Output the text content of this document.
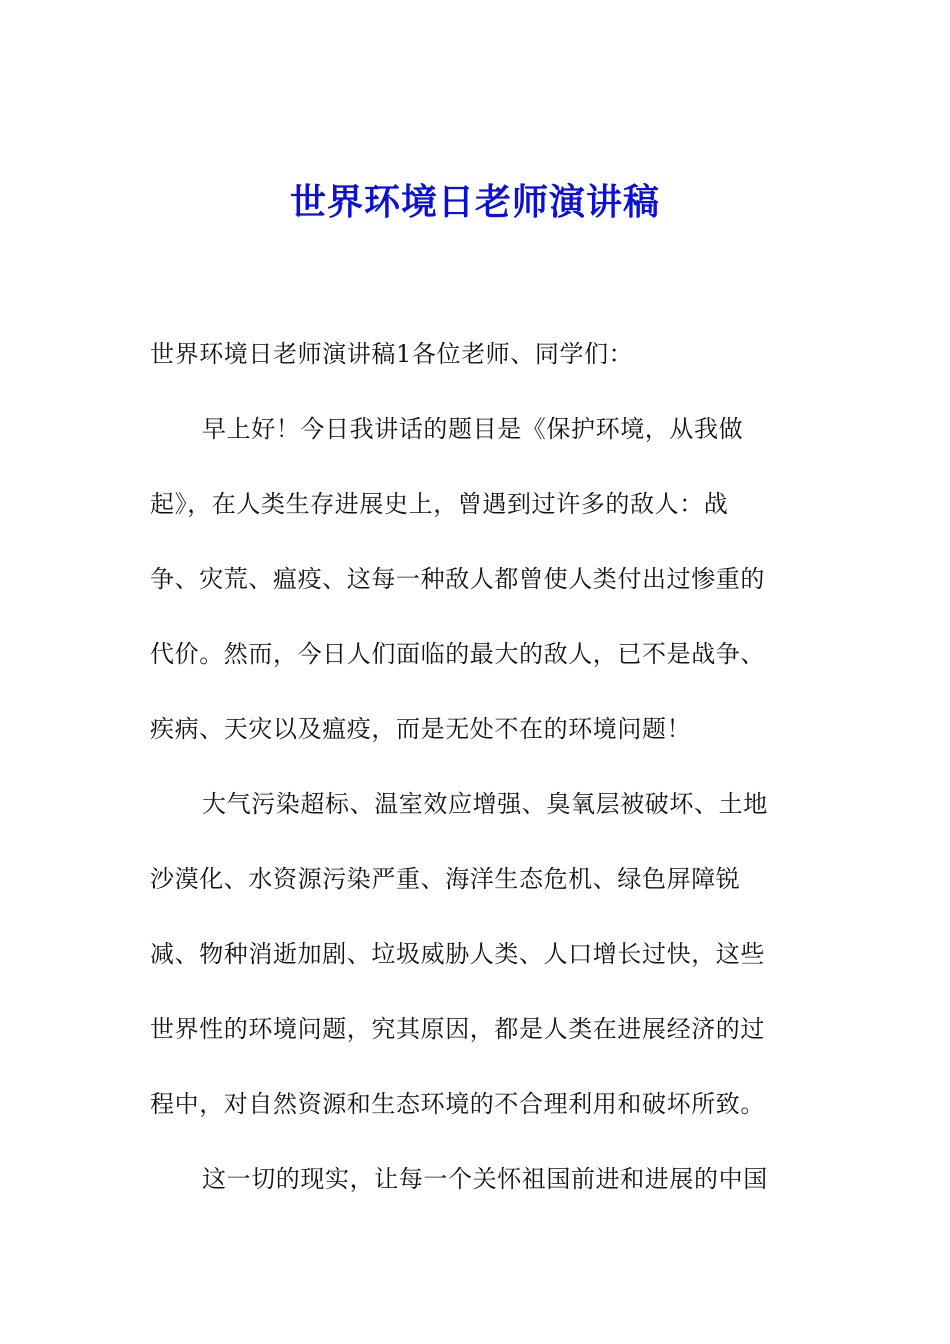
世界环境日老师演讲稿
世界环境日老师演讲稿1各位老师、同学们：
早上好！今日我讲话的题目是《保护环境，从我做
起》，在人类生存进展史上，曾遇到过许多的敌人：战
争、灾荒、瘟疫、这每一种敌人都曾使人类付出过惨重的
代价。然而，今日人们面临的最大的敌人，已不是战争、
疾病、天灾以及瘟疫，而是无处不在的环境问题！
大气污染超标、温室效应增强、臭氧层被破坏、土地
沙漠化、水资源污染严重、海洋生态危机、绿色屏障锐
减、物种消逝加剧、垃圾威胁人类、人口增长过快，这些
世界性的环境问题，究其原因，都是人类在进展经济的过
程中，对自然资源和生态环境的不合理利用和破坏所致。
这一切的现实，让每一个关怀祖国前进和进展的中国
